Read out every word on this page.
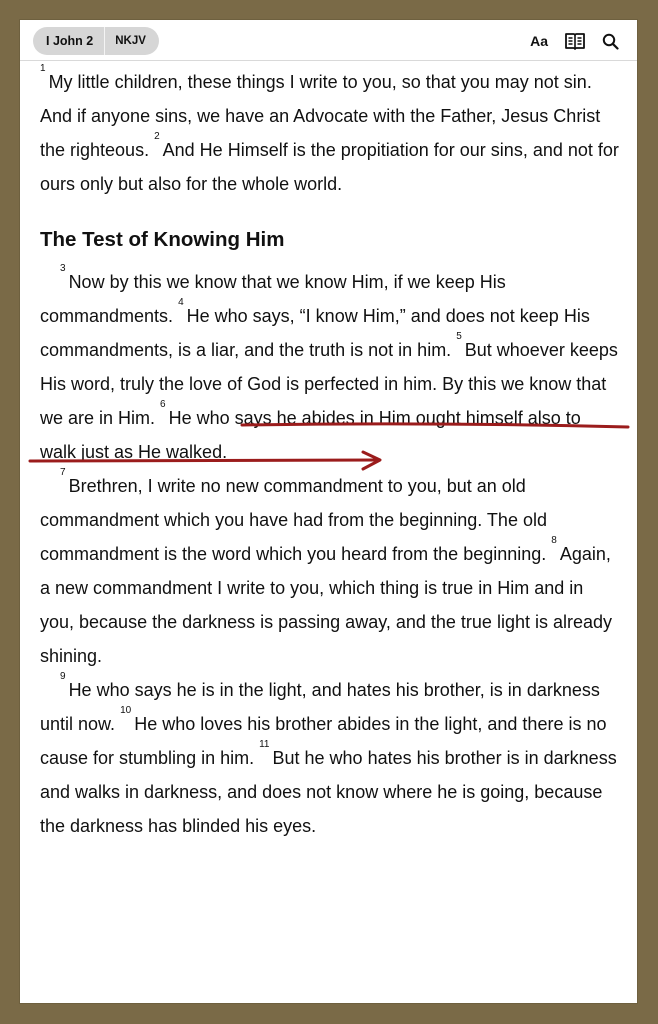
I John 2	NKJV	Aa

$^1$My little children, these things I write to you, so that you may not sin. And if anyone sins, we have an Advocate with the Father, Jesus Christ the righteous. $^2$And He Himself is the propitiation for our sins, and not for ours only but also for the whole world.

The Test of Knowing Him

$^3$Now by this we know that we know Him, if we keep His commandments. $^4$He who says, “I know Him,” and does not keep His commandments, is a liar, and the truth is not in him. $^5$But whoever keeps His word, truly the love of God is perfected in him. By this we know that we are in Him. $^6$He who says he abides in Him ought himself also to walk just as He walked.

$^7$Brethren, I write no new commandment to you, but an old commandment which you have had from the beginning. The old commandment is the word which you heard from the beginning. $^8$Again, a new commandment I write to you, which thing is true in Him and in you, because the darkness is passing away, and the true light is already shining.

$^9$He who says he is in the light, and hates his brother, is in darkness until now. $^{10}$He who loves his brother abides in the light, and there is no cause for stumbling in him. $^{11}$But he who hates his brother is in darkness and walks in darkness, and does not know where he is going, because the darkness has blinded his eyes.
